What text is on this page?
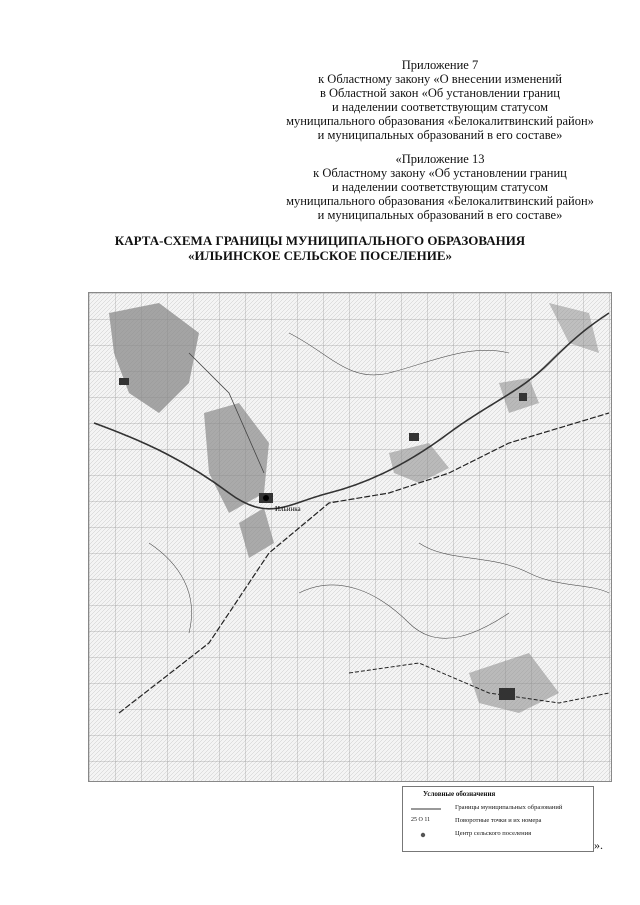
Приложение 7

к Областному закону «О внесении изменений

в Областной закон «Об установлении границ

и наделении соответствующим статусом

муниципального образования «Белокалитвинский район»

и муниципальных образований в его составе»

«Приложение 13

к Областному закону «Об установлении границ

и наделении соответствующим статусом

муниципального образования «Белокалитвинский район»

и муниципальных образований в его составе»

КАРТА-СХЕМА ГРАНИЦЫ МУНИЦИПАЛЬНОГО ОБРАЗОВАНИЯ
«ИЛЬИНСКОЕ СЕЛЬСКОЕ ПОСЕЛЕНИЕ»
Ильинка
Условные обозначения
Границы муниципальных образований
25 О 11	Поворотные точки и их номера
Центр сельского поселения
».
